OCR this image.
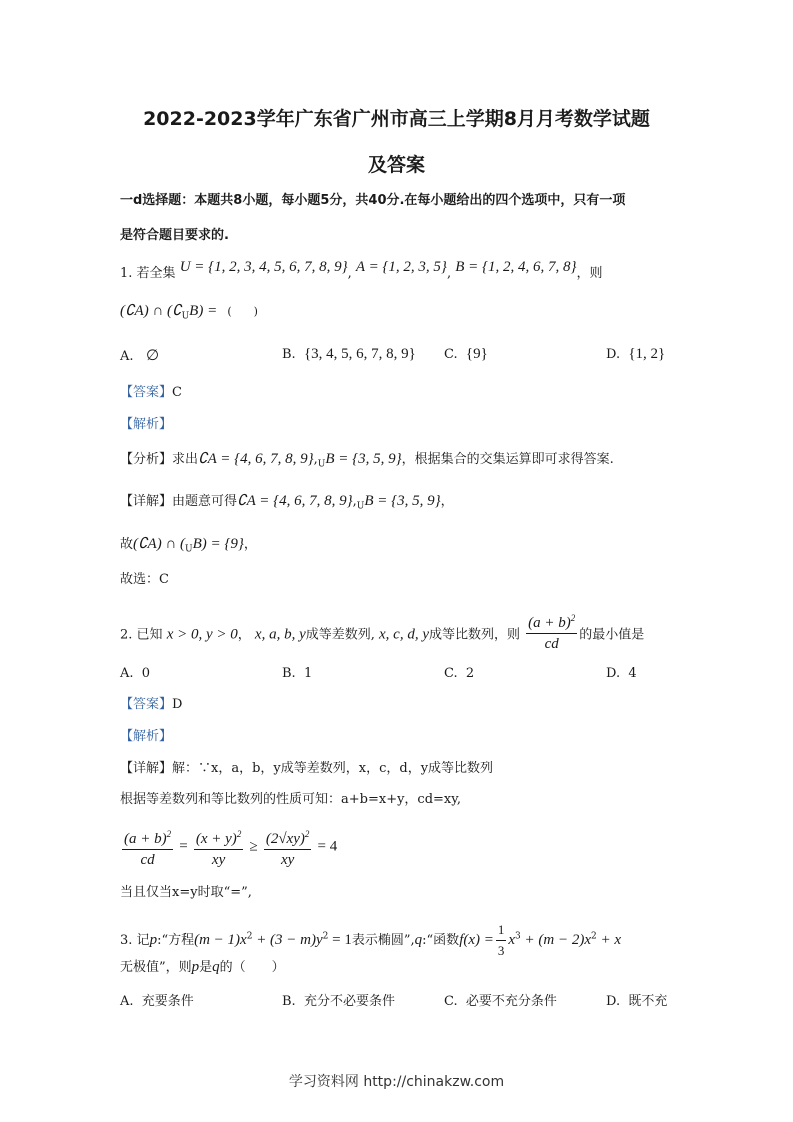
2022-2023学年广东省广州市高三上学期8月月考数学试题
及答案
一d选择题：本题共8小题，每小题5分，共40分.在每小题给出的四个选项中，只有一项
是符合题目要求的.
1. 若全集 U = {1, 2, 3, 4, 5, 6, 7, 8, 9}, A = {1, 2, 3, 5}, B = {1, 2, 4, 6, 7, 8}，则
(∁A) ∩ $(∁_UB)$ = (　　)
A. ∅	B. {3, 4, 5, 6, 7, 8, 9} C. {9}	D. {1, 2}
【答案】C
【解析】
【分析】求出∁A = {4, 6, 7, 8, $9\},_UB = \{3$, 5, 9}，根据集合的交集运算即可求得答案.
【详解】由题意可得∁A = {4, 6, 7, 8, $9\},_UB = \{3$, 5, 9}，
故(∁A) ∩ $(_UB) = \{9\}$，
故选：C
2. 已知 x > 0, y > 0， x, a, b, y成等差数列, x, c, d, y成等比数列，则 $\frac{(a + b)^2}{cd}$ 的最小值是
A. 0	B. 1	C. 2	D. 4
【答案】D
【解析】
【详解】解：∵x，a，b，y成等差数列，x，c，d，y成等比数列
根据等差数列和等比数列的性质可知：a+b=x+y，cd=xy,
$\frac{(a + b)^2}{cd} = \frac{(x + y)^2}{xy} \ge \frac{(2√xy)^2}{xy} = 4$
当且仅当x=y时取“=”,
3. 记p:“方程$(m - 1)x^2 + (3 - m)y^2 = 1$表示椭圆”,q:“函数$f(x) = \frac{1}{3} x^3 + (m - 2)x^2 + x$
无极值”，则p是q的（　　）
A. 充要条件	B. 充分不必要条件	C. 必要不充分条件	D. 既不充
学习资料网 http://chinakzw.com
